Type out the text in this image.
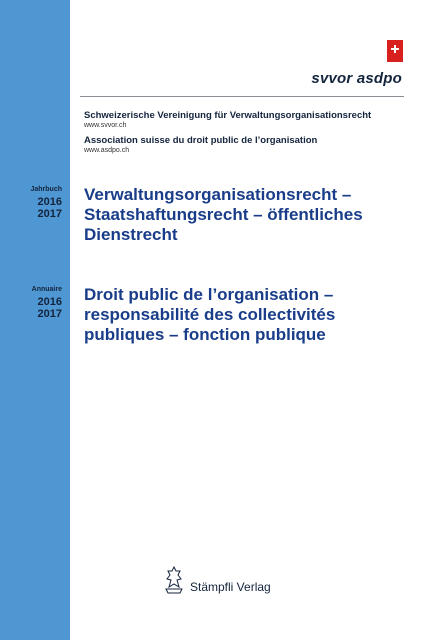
Jahrbuch
2016
2017
Annuaire
2016
2017
svvor asdpo
Schweizerische Vereinigung für Verwaltungsorganisationsrecht
www.svvor.ch
Association suisse du droit public de l’organisation
www.asdpo.ch
Verwaltungsorganisationsrecht –
Staatshaftungsrecht – öffentliches
Dienstrecht
Droit public de l’organisation –
responsabilité des collectivités
publiques – fonction publique
Stämpfli Verlag
